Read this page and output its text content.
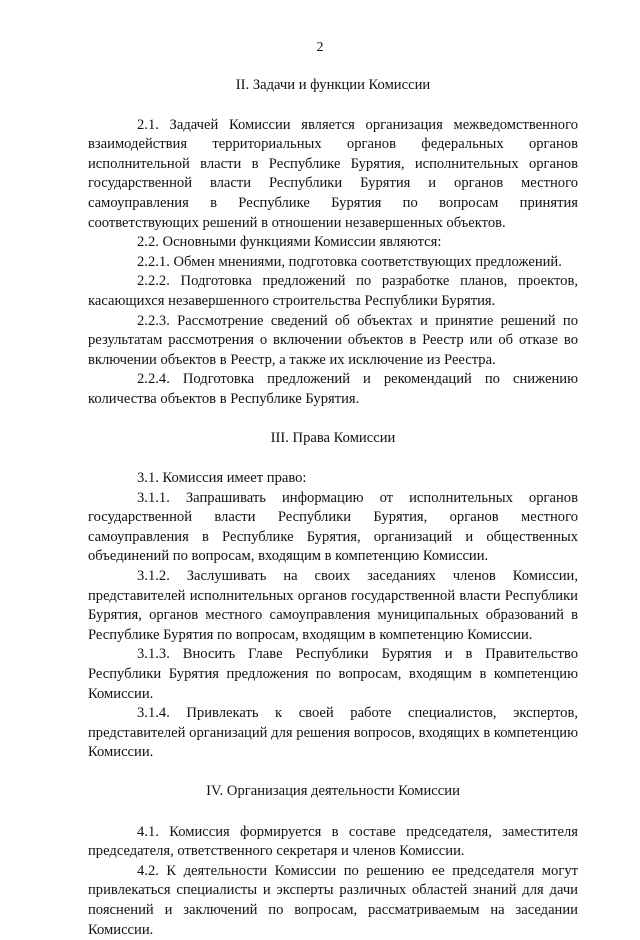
2
II. Задачи и функции Комиссии

2.1. Задачей Комиссии является организация межведомственного взаимодействия территориальных органов федеральных органов исполнительной власти в Республике Бурятия, исполнительных органов государственной власти Республики Бурятия и органов местного самоуправления в Республике Бурятия по вопросам принятия соответствующих решений в отношении незавершенных объектов.

2.2. Основными функциями Комиссии являются:

2.2.1. Обмен мнениями, подготовка соответствующих предложений.

2.2.2. Подготовка предложений по разработке планов, проектов, касающихся незавершенного строительства Республики Бурятия.

2.2.3. Рассмотрение сведений об объектах и принятие решений по результатам рассмотрения о включении объектов в Реестр или об отказе во включении объектов в Реестр, а также их исключение из Реестра.

2.2.4. Подготовка предложений и рекомендаций по снижению количества объектов в Республике Бурятия.

III. Права Комиссии

3.1. Комиссия имеет право:

3.1.1. Запрашивать информацию от исполнительных органов государственной власти Республики Бурятия, органов местного самоуправления в Республике Бурятия, организаций и общественных объединений по вопросам, входящим в компетенцию Комиссии.

3.1.2. Заслушивать на своих заседаниях членов Комиссии, представителей исполнительных органов государственной власти Республики Бурятия, органов местного самоуправления муниципальных образований в Республике Бурятия по вопросам, входящим в компетенцию Комиссии.

3.1.3. Вносить Главе Республики Бурятия и в Правительство Республики Бурятия предложения по вопросам, входящим в компетенцию Комиссии.

3.1.4. Привлекать к своей работе специалистов, экспертов, представителей организаций для решения вопросов, входящих в компетенцию Комиссии.

IV. Организация деятельности Комиссии

4.1. Комиссия формируется в составе председателя, заместителя председателя, ответственного секретаря и членов Комиссии.

4.2. К деятельности Комиссии по решению ее председателя могут привлекаться специалисты и эксперты различных областей знаний для дачи пояснений и заключений по вопросам, рассматриваемым на заседании Комиссии.
